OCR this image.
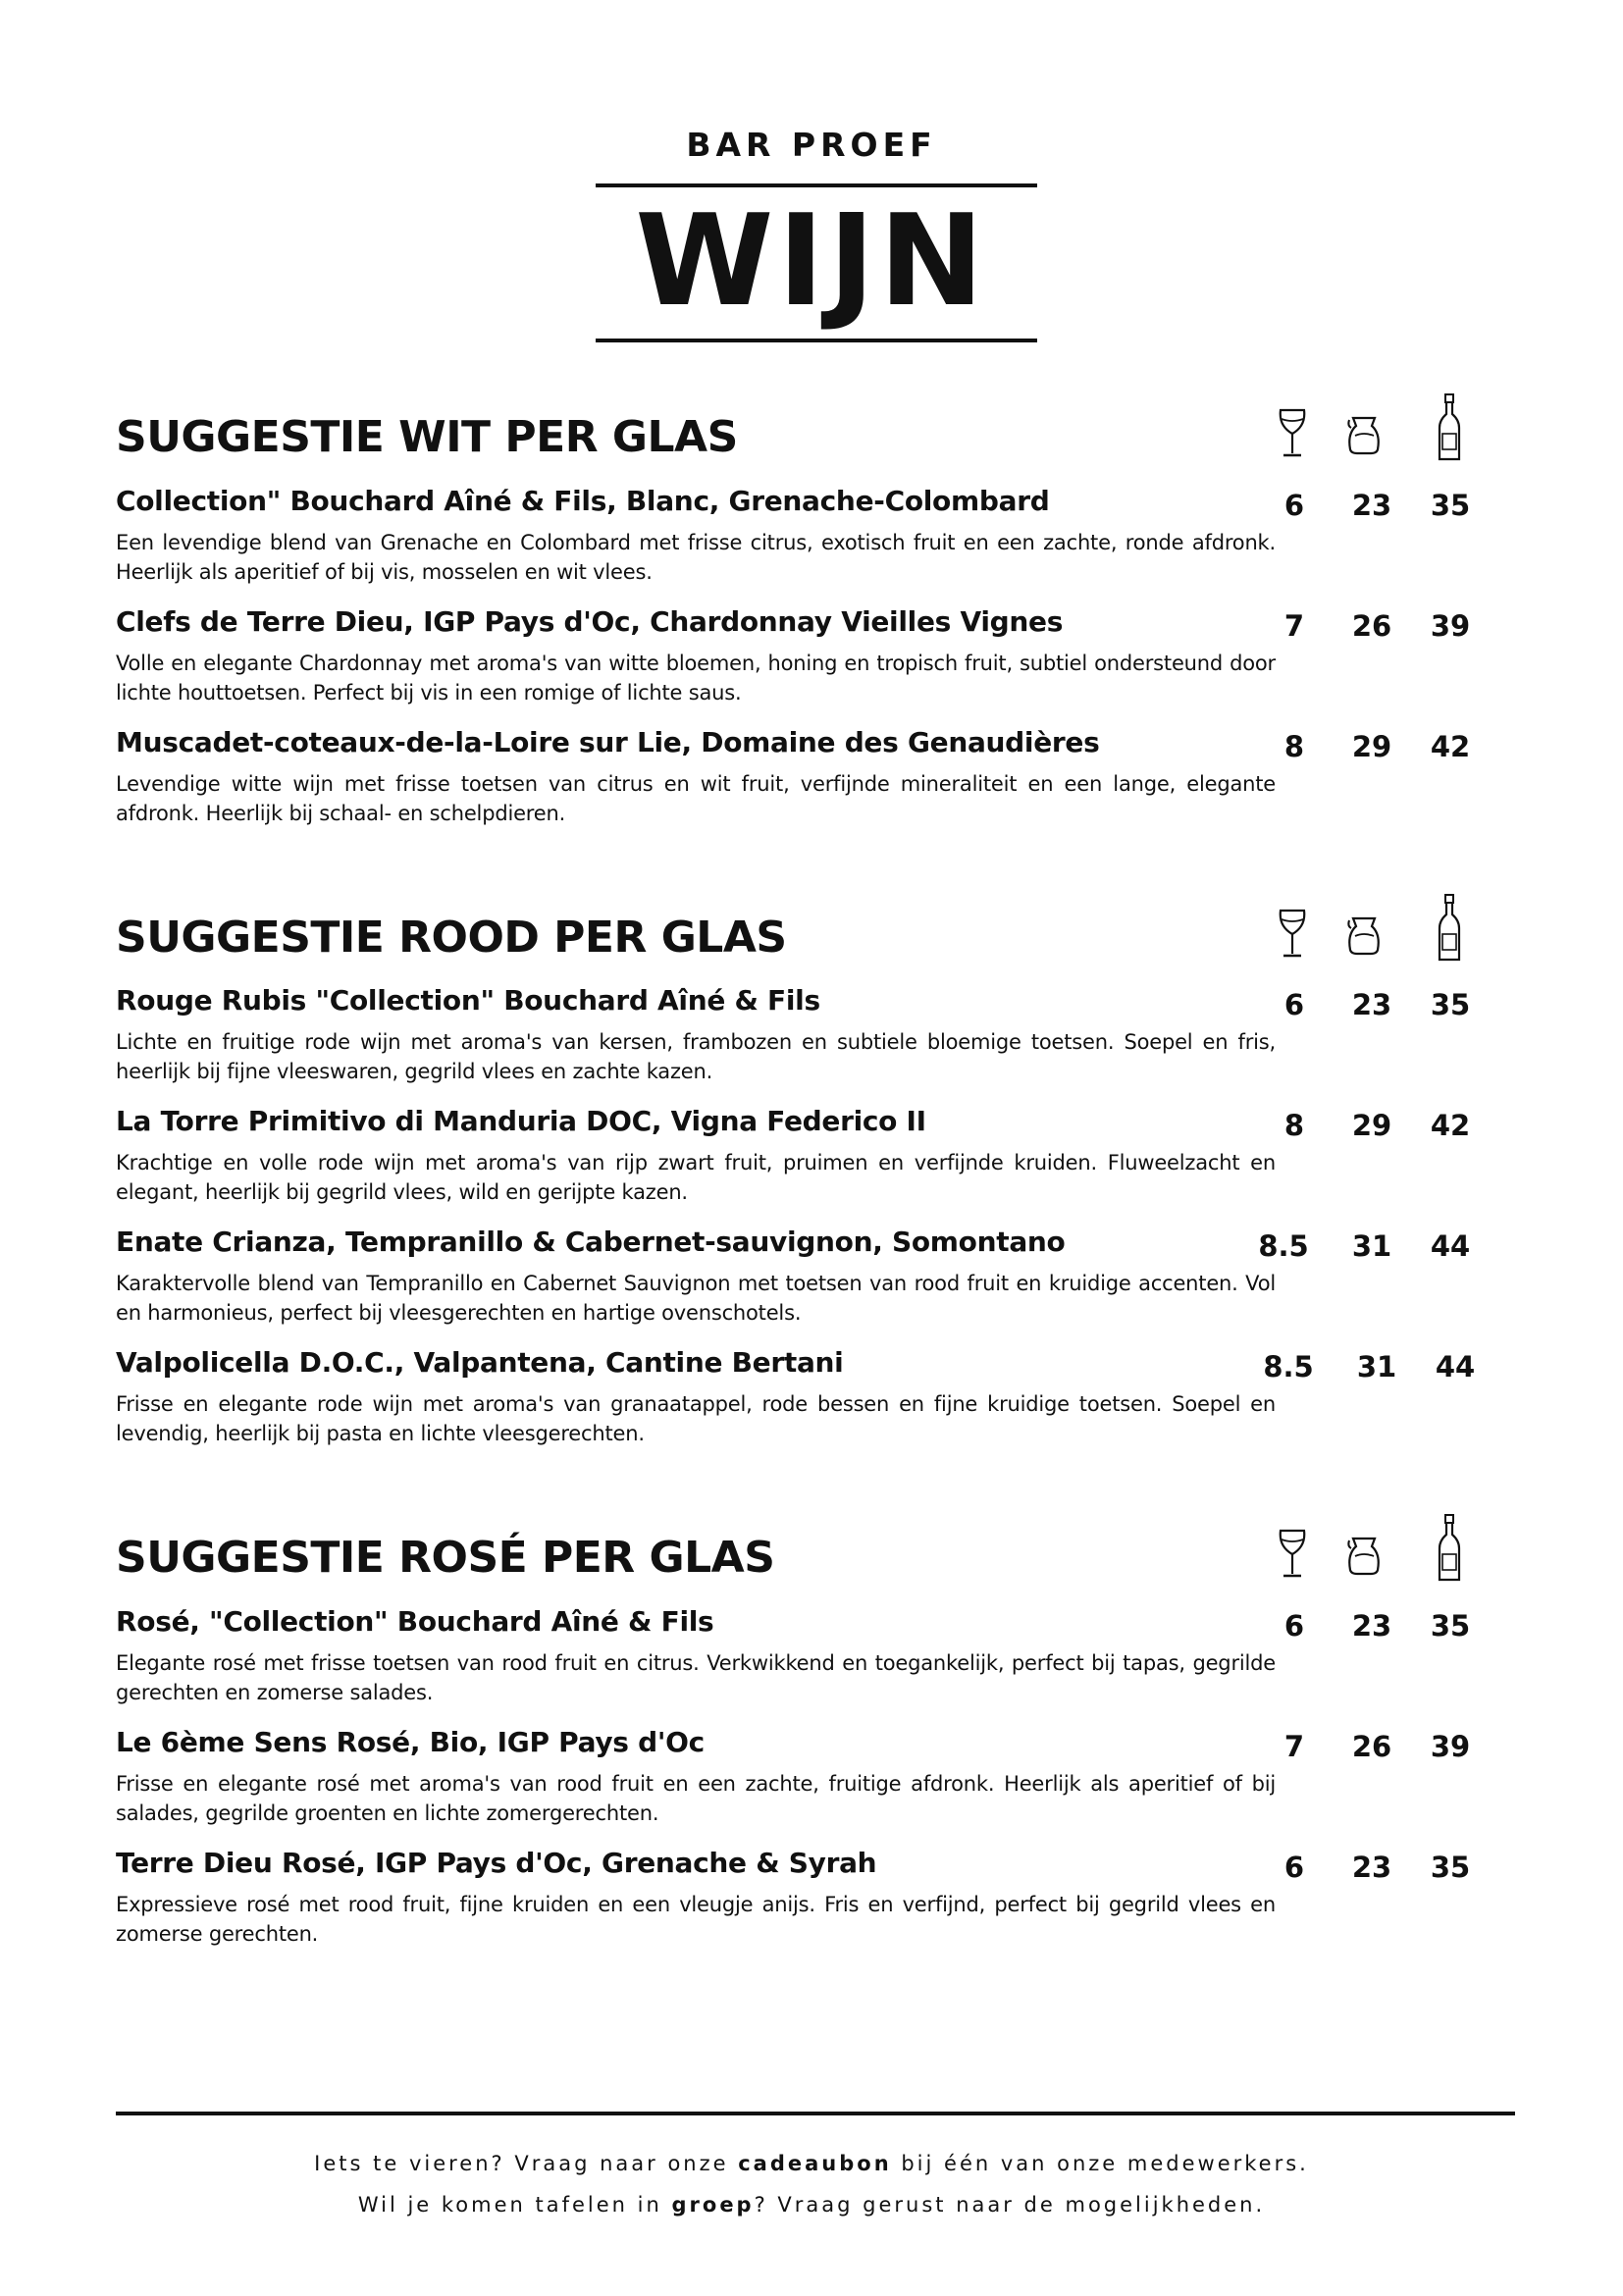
BAR PROEF
WIJN
SUGGESTIE WIT PER GLAS
Collection" Bouchard Aîné & Fils, Blanc, Grenache-Colombard
Een levendige blend van Grenache en Colombard met frisse citrus, exotisch fruit en een zachte, ronde afdronk. Heerlijk als aperitief of bij vis, mosselen en wit vlees.
6	23	35
Clefs de Terre Dieu, IGP Pays d'Oc, Chardonnay Vieilles Vignes
Volle en elegante Chardonnay met aroma's van witte bloemen, honing en tropisch fruit, subtiel ondersteund door lichte houttoetsen. Perfect bij vis in een romige of lichte saus.
7	26	39
Muscadet-coteaux-de-la-Loire sur Lie, Domaine des Genaudières
Levendige witte wijn met frisse toetsen van citrus en wit fruit, verfijnde mineraliteit en een lange, elegante afdronk. Heerlijk bij schaal- en schelpdieren.
8	29	42
SUGGESTIE ROOD PER GLAS
Rouge Rubis "Collection" Bouchard Aîné & Fils
Lichte en fruitige rode wijn met aroma's van kersen, frambozen en subtiele bloemige toetsen. Soepel en fris, heerlijk bij fijne vleeswaren, gegrild vlees en zachte kazen.
6	23	35
La Torre Primitivo di Manduria DOC, Vigna Federico II
Krachtige en volle rode wijn met aroma's van rijp zwart fruit, pruimen en verfijnde kruiden. Fluweelzacht en elegant, heerlijk bij gegrild vlees, wild en gerijpte kazen.
8	29	42
Enate Crianza, Tempranillo & Cabernet-sauvignon, Somontano
Karaktervolle blend van Tempranillo en Cabernet Sauvignon met toetsen van rood fruit en kruidige accenten. Vol en harmonieus, perfect bij vleesgerechten en hartige ovenschotels.
8.5	31	44
Valpolicella D.O.C., Valpantena, Cantine Bertani
Frisse en elegante rode wijn met aroma's van granaatappel, rode bessen en fijne kruidige toetsen. Soepel en levendig, heerlijk bij pasta en lichte vleesgerechten.
8.5	31	44
SUGGESTIE ROSÉ PER GLAS
Rosé, "Collection" Bouchard Aîné & Fils
Elegante rosé met frisse toetsen van rood fruit en citrus. Verkwikkend en toegankelijk, perfect bij tapas, gegrilde gerechten en zomerse salades.
6	23	35
Le 6ème Sens Rosé, Bio, IGP Pays d'Oc
Frisse en elegante rosé met aroma's van rood fruit en een zachte, fruitige afdronk. Heerlijk als aperitief of bij salades, gegrilde groenten en lichte zomergerechten.
7	26	39
Terre Dieu Rosé, IGP Pays d'Oc, Grenache & Syrah
Expressieve rosé met rood fruit, fijne kruiden en een vleugje anijs. Fris en verfijnd, perfect bij gegrild vlees en zomerse gerechten.
6	23	35
Iets te vieren? Vraag naar onze cadeaubon bij één van onze medewerkers.
Wil je komen tafelen in groep? Vraag gerust naar de mogelijkheden.
